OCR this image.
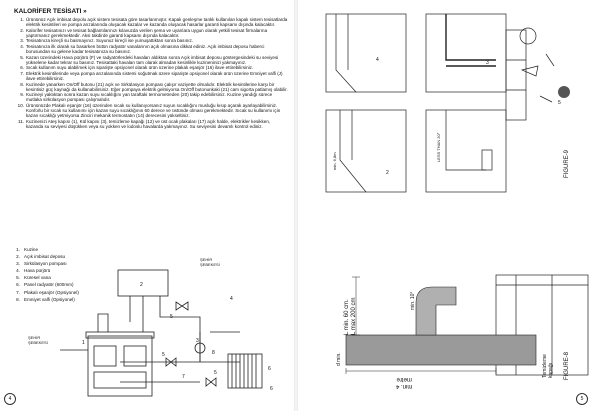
KALORİFER TESİSATI »
1. Ürününüz Açık imbisat depolu açık sistem tesisata göre tasarlanmıştır. Kapalı genleşme tanklı kullanılan kapalı sistem tesisatlarda elektrik kesintileri ve pompa arızalarında oluşacak kazalar ve kazanda oluşacak hasarlar garanti kapsamı dışında kalacaktır.
2. Kalorifer tesisatınızı ve tesisat bağlantılarınızı kılavuzda verilen şema ve uyarılara uygun olarak yetkili tesisat firmalarına yaptırmanız gerekmektedir. Aksi takdirde garanti kapsamı dışında kalacaktır.
3. Tesisatınıza kireçli su basmayınız. Suyunuz kireçli ise yumuşattıktan sonra basınız.
4. Tesisatınıza ilk olarak su basarken bütün radyatör vanalarının açık olmasına dikkat ediniz. Açık imbisat deposu haberci borusundan su gelene kadar tesisatınıza su basınız.
5. Kazan üzerindeki Hava pürjörü (F) ve radyatörlerdeki havaları aldıktan sonra Açık imbisat deposu göstergesindeki su seviyesi yükselene kadar tekrar su basınız. Tesisattaki havaları tam olarak almadan kesinlikle kuzineninizi yakmayınız.
6. Sıcak kullanım suyu alabilmek için siparişte opsiyonel olarak ürün üzerine plakalı eşanjör (16) ilave ettirebilirsiniz.
7. Elektrik kesintilerinde veya pompa arızalanında sistemi soğutmak üzere siparişte opsiyonel olarak ürün üzerine Emniyet valfi (J) ilave ettirebilirsiniz.
8. Kuzinede yanarken On/Off butonu (21) açık ve Sirkülasyon pompası çalışır vaziyette olmalıdır. Elektrik kesintilerine karşı bir kesintisiz güç kaynağı da kullanabilirsiniz. Eğer pompaya elektrik gelmiyorsa On/Off butonunkaki (21) cam sigorta patlamış olabilir.
9. Kuzineyi yaktıktan sonra kazan suyu sıcaklığını yan taraftaki termometreden (20) takip edebilirsiniz. Kuzine yandığı sürece mutlaka sirkülasyon pompası çalışmalıdır.
10. Ürününüzde Plakalı eşanjör (16) üzerinden sıcak su kullanıyorsanız suyun sıcaklığını musluğu kısıp açarak ayarlayabilirsiniz. Konforlu bir sıcak su kullanımı için kazan suyu sıcaklığının 60 derece ve üstünde olması gerekmektedir. Sıcak su kullanımı için kazan sıcaklığı yetmiyorsa Zinciri mekanik termostatın (14) derecesini yükseltiniz.
11. Kuzinenizi Ateş kapısı (1), Kül kapısı (3), temizleme kapağı (12) ve üst ocak plakaları (17) açık halde, elektrikler kesikken, kazanda su seviyesi düşükken veya su yokken ve lodoslu havalarda yakmayınız. Su seviyesini devamlı kontrol ediniz.
1. Kuzine
2. Açık imbisat deposu
3. Sirkülasyon pompası
4. Hava pürjörü
5. Küresel vana
6. Panel radyatör (600mm)
7. Plakalı eşanjör (Opsiyonel)
8. Emniyet valfi (Opsiyonel)
2
1	3
4
5
5
5
6
6
7
8
ŞEHİR
ŞEBEKESİ
ŞEHİR
ŞEBEKESİ
4
4	3
5
2
min. 6,8m	LESS THAN 20°
FIGURE-9
L min. 60 cm.
L max 200 cm	min. 10°
d min.
min. 4
metre
Temizleme
kapağı FIGURE-8
5
